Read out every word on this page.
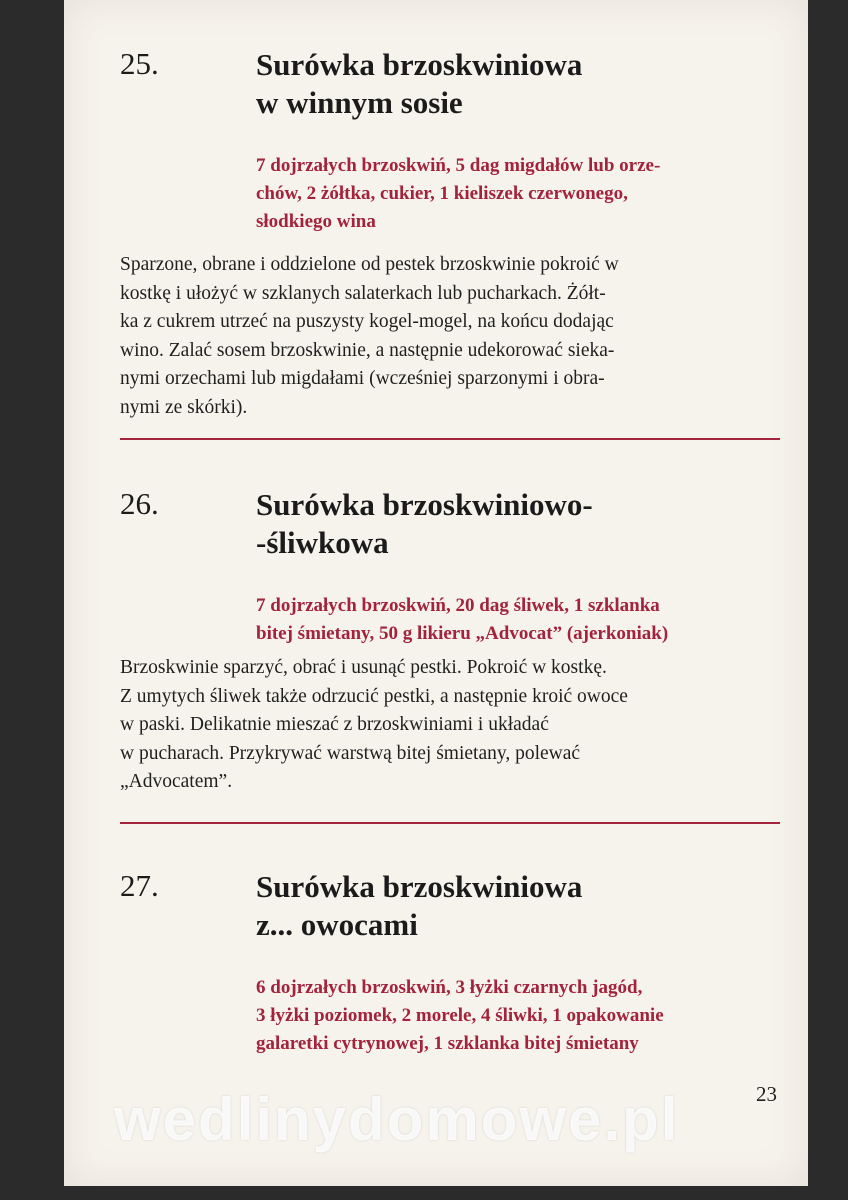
25.	Surówka brzoskwiniowa
w winnym sosie
7 dojrzałych brzoskwiń, 5 dag migdałów lub orze-
chów, 2 żółtka, cukier, 1 kieliszek czerwonego,
słodkiego wina
Sparzone, obrane i oddzielone od pestek brzoskwinie pokroić w
kostkę i ułożyć w szklanych salaterkach lub pucharkach. Żółt-
ka z cukrem utrzeć na puszysty kogel-mogel, na końcu dodając
wino. Zalać sosem brzoskwinie, a następnie udekorować siekа-
nymi orzechami lub migdałami (wcześniej sparzonymi i obra-
nymi ze skórki).
26.	Surówka brzoskwiniowo-
-śliwkowa
7 dojrzałych brzoskwiń, 20 dag śliwek, 1 szklanka
bitej śmietany, 50 g likieru „Advocat” (ajerkoniak)
Brzoskwinie sparzyć, obrać i usunąć pestki. Pokroić w kostkę.
Z umytych śliwek także odrzucić pestki, a następnie kroić owoce
w paski. Delikatnie mieszać z brzoskwiniami i układać
w pucharach. Przykrywać warstwą bitej śmietany, polewać
„Advocatem”.
27.	Surówka brzoskwiniowa
z... owocami
6 dojrzałych brzoskwiń, 3 łyżki czarnych jagód,
3 łyżki poziomek, 2 morele, 4 śliwki, 1 opakowanie
galaretki cytrynowej, 1 szklanka bitej śmietany
23
wedlinydomowe.pl
